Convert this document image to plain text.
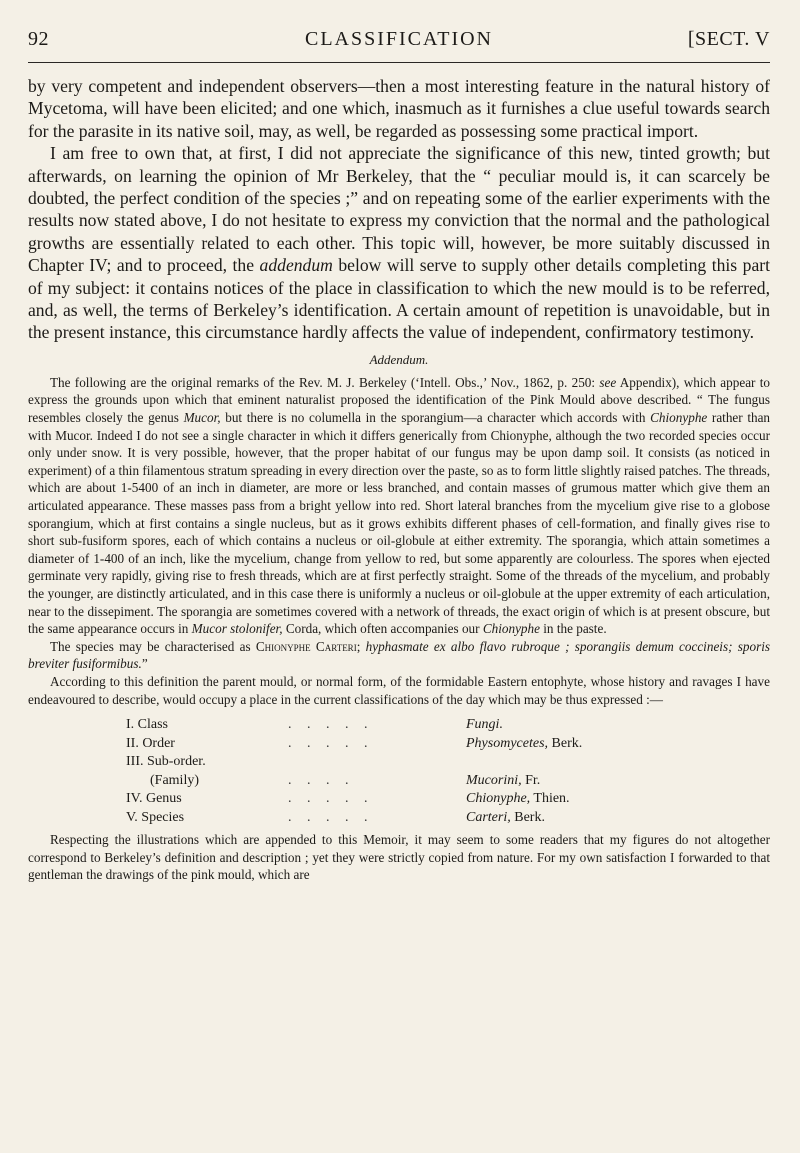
92	CLASSIFICATION	[SECT. V

by very competent and independent observers—then a most interesting feature in the natural history of Mycetoma, will have been elicited; and one which, inasmuch as it furnishes a clue useful towards search for the parasite in its native soil, may, as well, be regarded as possessing some practical import.

I am free to own that, at first, I did not appreciate the significance of this new, tinted growth; but afterwards, on learning the opinion of Mr Berkeley, that the “ peculiar mould is, it can scarcely be doubted, the perfect condition of the species ;” and on repeating some of the earlier experiments with the results now stated above, I do not hesitate to express my conviction that the normal and the pathological growths are essentially related to each other. This topic will, however, be more suitably discussed in Chapter IV; and to proceed, the addendum below will serve to supply other details completing this part of my subject: it contains notices of the place in classification to which the new mould is to be referred, and, as well, the terms of Berkeley’s identification. A certain amount of repetition is unavoidable, but in the present instance, this circumstance hardly affects the value of independent, confirmatory testimony.

Addendum.

The following are the original remarks of the Rev. M. J. Berkeley (‘Intell. Obs.,’ Nov., 1862, p. 250: see Appendix), which appear to express the grounds upon which that eminent naturalist proposed the identification of the Pink Mould above described. “ The fungus resembles closely the genus Mucor, but there is no columella in the sporangium—a character which accords with Chionyphe rather than with Mucor. Indeed I do not see a single character in which it differs generically from Chionyphe, although the two recorded species occur only under snow. It is very possible, however, that the proper habitat of our fungus may be upon damp soil. It consists (as noticed in experiment) of a thin filamentous stratum spreading in every direction over the paste, so as to form little slightly raised patches. The threads, which are about 1-5400 of an inch in diameter, are more or less branched, and contain masses of grumous matter which give them an articulated appearance. These masses pass from a bright yellow into red. Short lateral branches from the mycelium give rise to a globose sporangium, which at first contains a single nucleus, but as it grows exhibits different phases of cell-formation, and finally gives rise to short sub-fusiform spores, each of which contains a nucleus or oil-globule at either extremity. The sporangia, which attain sometimes a diameter of 1-400 of an inch, like the mycelium, change from yellow to red, but some apparently are colourless. The spores when ejected germinate very rapidly, giving rise to fresh threads, which are at first perfectly straight. Some of the threads of the mycelium, and probably the younger, are distinctly articulated, and in this case there is uniformly a nucleus or oil-globule at the upper extremity of each articulation, near to the dissepiment. The sporangia are sometimes covered with a network of threads, the exact origin of which is at present obscure, but the same appearance occurs in Mucor stolonifer, Corda, which often accompanies our Chionyphe in the paste.

The species may be characterised as Chionyphe Carteri; hyphasmate ex albo flavo rubroque ; sporangiis demum coccineis; sporis breviter fusiformibus.”

According to this definition the parent mould, or normal form, of the formidable Eastern entophyte, whose history and ravages I have endeavoured to describe, would occupy a place in the current classifications of the day which may be thus expressed :—

I. Class	. . . . .	Fungi.
II. Order	. . . . .	Physomycetes, Berk.
III. Sub-order.
(Family)	. . . .	Mucorini, Fr.
IV. Genus	. . . . .	Chionyphe, Thien.
V. Species	. . . . .	Carteri, Berk.

Respecting the illustrations which are appended to this Memoir, it may seem to some readers that my figures do not altogether correspond to Berkeley’s definition and description ; yet they were strictly copied from nature. For my own satisfaction I forwarded to that gentleman the drawings of the pink mould, which are
